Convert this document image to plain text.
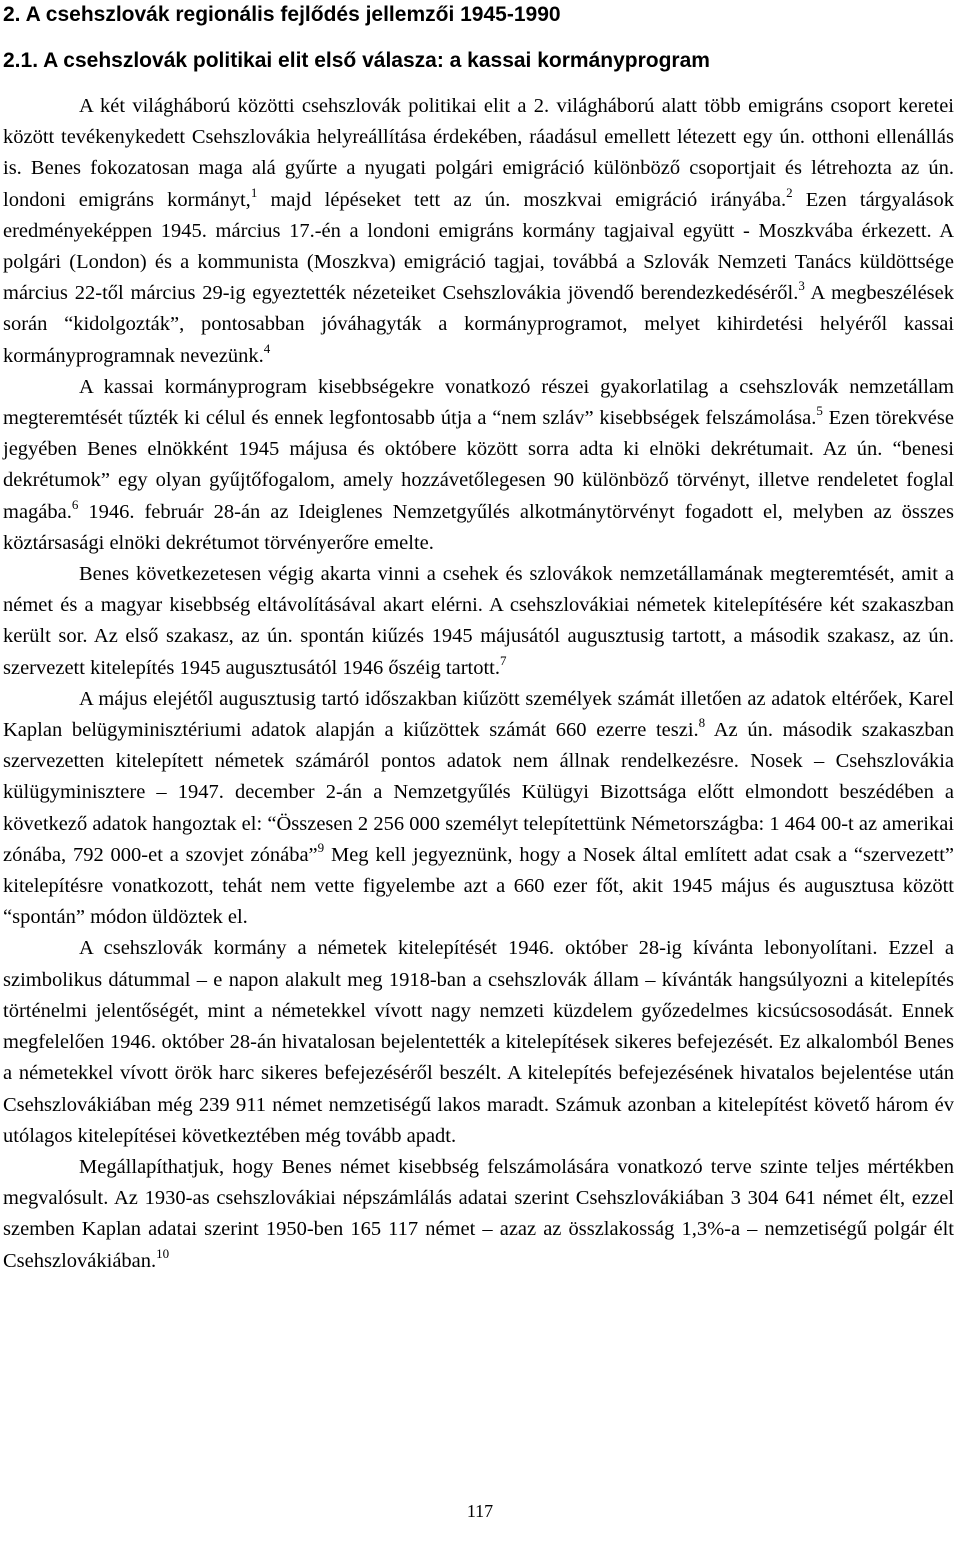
2. A csehszlovák regionális fejlődés jellemzői 1945-1990
2.1. A csehszlovák politikai elit első válasza: a kassai kormányprogram

A két világháború közötti csehszlovák politikai elit a 2. világháború alatt több emigráns csoport keretei között tevékenykedett Csehszlovákia helyreállítása érdekében, ráadásul emellett létezett egy ún. otthoni ellenállás is. Benes fokozatosan maga alá gyűrte a nyugati polgári emigráció különböző csoportjait és létrehozta az ún. londoni emigráns kormányt,$^1$ majd lépéseket tett az ún. moszkvai emigráció irányába.$^2$ Ezen tárgyalások eredményeképpen 1945. március 17.-én a londoni emigráns kormány tagjaival együtt - Moszkvába érkezett. A polgári (London) és a kommunista (Moszkva) emigráció tagjai, továbbá a Szlovák Nemzeti Tanács küldöttsége március 22-től március 29-ig egyeztették nézeteiket Csehszlovákia jövendő berendezkedéséről.$^3$ A megbeszélések során “kidolgozták”, pontosabban jóváhagyták a kormányprogramot, melyet kihirdetési helyéről kassai kormányprogramnak nevezünk.$^4$

A kassai kormányprogram kisebbségekre vonatkozó részei gyakorlatilag a csehszlovák nemzetállam megteremtését tűzték ki célul és ennek legfontosabb útja a “nem szláv” kisebbségek felszámolása.$^5$ Ezen törekvése jegyében Benes elnökként 1945 májusa és októbere között sorra adta ki elnöki dekrétumait. Az ún. “benesi dekrétumok” egy olyan gyűjtőfogalom, amely hozzávetőlegesen 90 különböző törvényt, illetve rendeletet foglal magába.$^6$ 1946. február 28-án az Ideiglenes Nemzetgyűlés alkotmánytörvényt fogadott el, melyben az összes köztársasági elnöki dekrétumot törvényerőre emelte.

Benes következetesen végig akarta vinni a csehek és szlovákok nemzetállamának megteremtését, amit a német és a magyar kisebbség eltávolításával akart elérni. A csehszlovákiai németek kitelepítésére két szakaszban került sor. Az első szakasz, az ún. spontán kiűzés 1945 májusától augusztusig tartott, a második szakasz, az ún. szervezett kitelepítés 1945 augusztusától 1946 őszéig tartott.$^7$

A május elejétől augusztusig tartó időszakban kiűzött személyek számát illetően az adatok eltérőek, Karel Kaplan belügyminisztériumi adatok alapján a kiűzöttek számát 660 ezerre teszi.$^8$ Az ún. második szakaszban szervezetten kitelepített németek számáról pontos adatok nem állnak rendelkezésre. Nosek – Csehszlovákia külügyminisztere – 1947. december 2-án a Nemzetgyűlés Külügyi Bizottsága előtt elmondott beszédében a következő adatok hangoztak el: “Összesen 2 256 000 személyt telepítettünk Németországba: 1 464 00-t az amerikai zónába, 792 000-et a szovjet zónába”$^9$ Meg kell jegyeznünk, hogy a Nosek által említett adat csak a “szervezett” kitelepítésre vonatkozott, tehát nem vette figyelembe azt a 660 ezer főt, akit 1945 május és augusztusa között “spontán” módon üldöztek el.

A csehszlovák kormány a németek kitelepítését 1946. október 28-ig kívánta lebonyolítani. Ezzel a szimbolikus dátummal – e napon alakult meg 1918-ban a csehszlovák állam – kívánták hangsúlyozni a kitelepítés történelmi jelentőségét, mint a németekkel vívott nagy nemzeti küzdelem győzedelmes kicsúcsosodását. Ennek megfelelően 1946. október 28-án hivatalosan bejelentették a kitelepítések sikeres befejezését. Ez alkalomból Benes a németekkel vívott örök harc sikeres befejezéséről beszélt. A kitelepítés befejezésének hivatalos bejelentése után Csehszlovákiában még 239 911 német nemzetiségű lakos maradt. Számuk azonban a kitelepítést követő három év utólagos kitelepítései következtében még tovább apadt.

Megállapíthatjuk, hogy Benes német kisebbség felszámolására vonatkozó terve szinte teljes mértékben megvalósult. Az 1930-as csehszlovákiai népszámlálás adatai szerint Csehszlovákiában 3 304 641 német élt, ezzel szemben Kaplan adatai szerint 1950-ben 165 117 német – azaz az összlakosság 1,3%-a – nemzetiségű polgár élt Csehszlovákiában.$^{10}$

117
